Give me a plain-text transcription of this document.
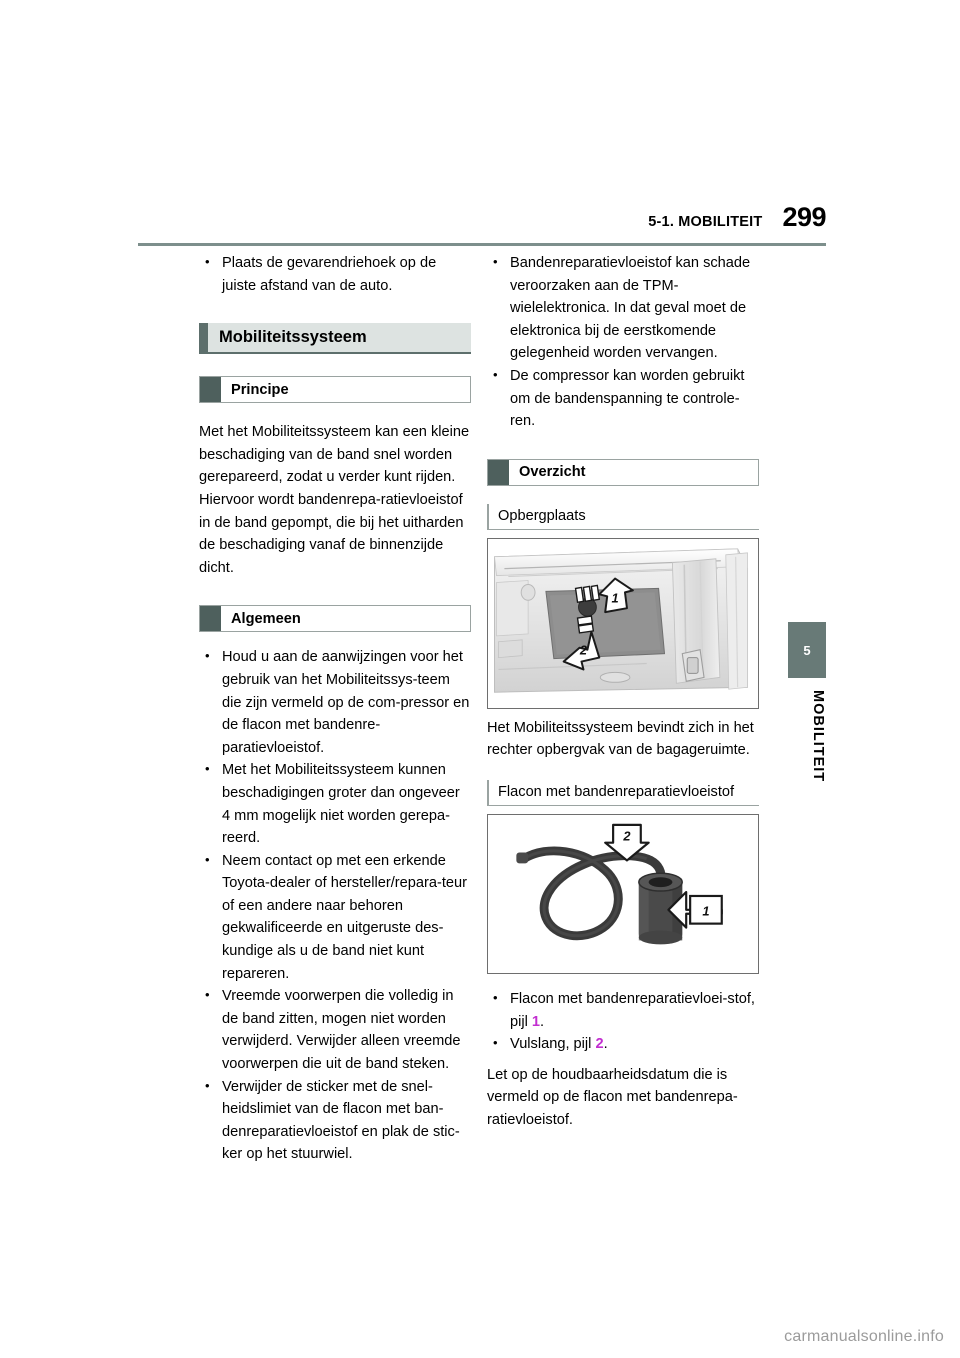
5-1. MOBILITEIT 299
• Plaats de gevarendriehoek op de juiste afstand van de auto.
Mobiliteitssysteem
Principe
Met het Mobiliteitssysteem kan een kleine beschadiging van de band snel worden gerepareerd, zodat u verder kunt rijden. Hiervoor wordt bandenrepa-ratievloeistof in de band gepompt, die bij het uitharden de beschadiging vanaf de binnenzijde dicht.
Algemeen
• Houd u aan de aanwijzingen voor het gebruik van het Mobiliteitssys-teem die zijn vermeld op de com-pressor en de flacon met bandenre-paratievloeistof.
• Met het Mobiliteitssysteem kunnen beschadigingen groter dan ongeveer 4 mm mogelijk niet worden gerepa-reerd.
• Neem contact op met een erkende Toyota-dealer of hersteller/repara-teur of een andere naar behoren gekwalificeerde en uitgeruste des-kundige als u de band niet kunt repareren.
• Vreemde voorwerpen die volledig in de band zitten, mogen niet worden verwijderd. Verwijder alleen vreemde voorwerpen die uit de band steken.
• Verwijder de sticker met de snel-heidslimiet van de flacon met ban-denreparatievloeistof en plak de stic-ker op het stuurwiel.
• Bandenreparatievloeistof kan schade veroorzaken aan de TPM-wielelektronica. In dat geval moet de elektronica bij de eerstkomende gelegenheid worden vervangen.
• De compressor kan worden gebruikt om de bandenspanning te controle-ren.
Overzicht
Opbergplaats
1
2
Het Mobiliteitssysteem bevindt zich in het rechter opbergvak van de bagageruimte.
Flacon met bandenreparatievloeistof
2
1
• Flacon met bandenreparatievloei-stof, pijl 1.
• Vulslang, pijl 2.
Let op de houdbaarheidsdatum die is vermeld op de flacon met bandenrepa-ratievloeistof.
5
MOBILITEIT
carmanualsonline.info
